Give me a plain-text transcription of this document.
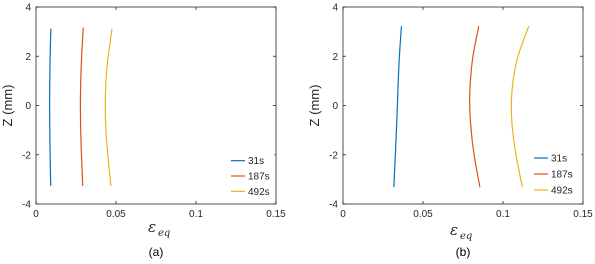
0	0.05	0.1	0.15
-4
-2
0
2
4
Z (mm)
ε eq
31s
187s
492s
(a)
0	0.05	0.1	0.15
-4
-2
0
2
4
Z (mm)
ε eq
31s
187s
492s
(b)
